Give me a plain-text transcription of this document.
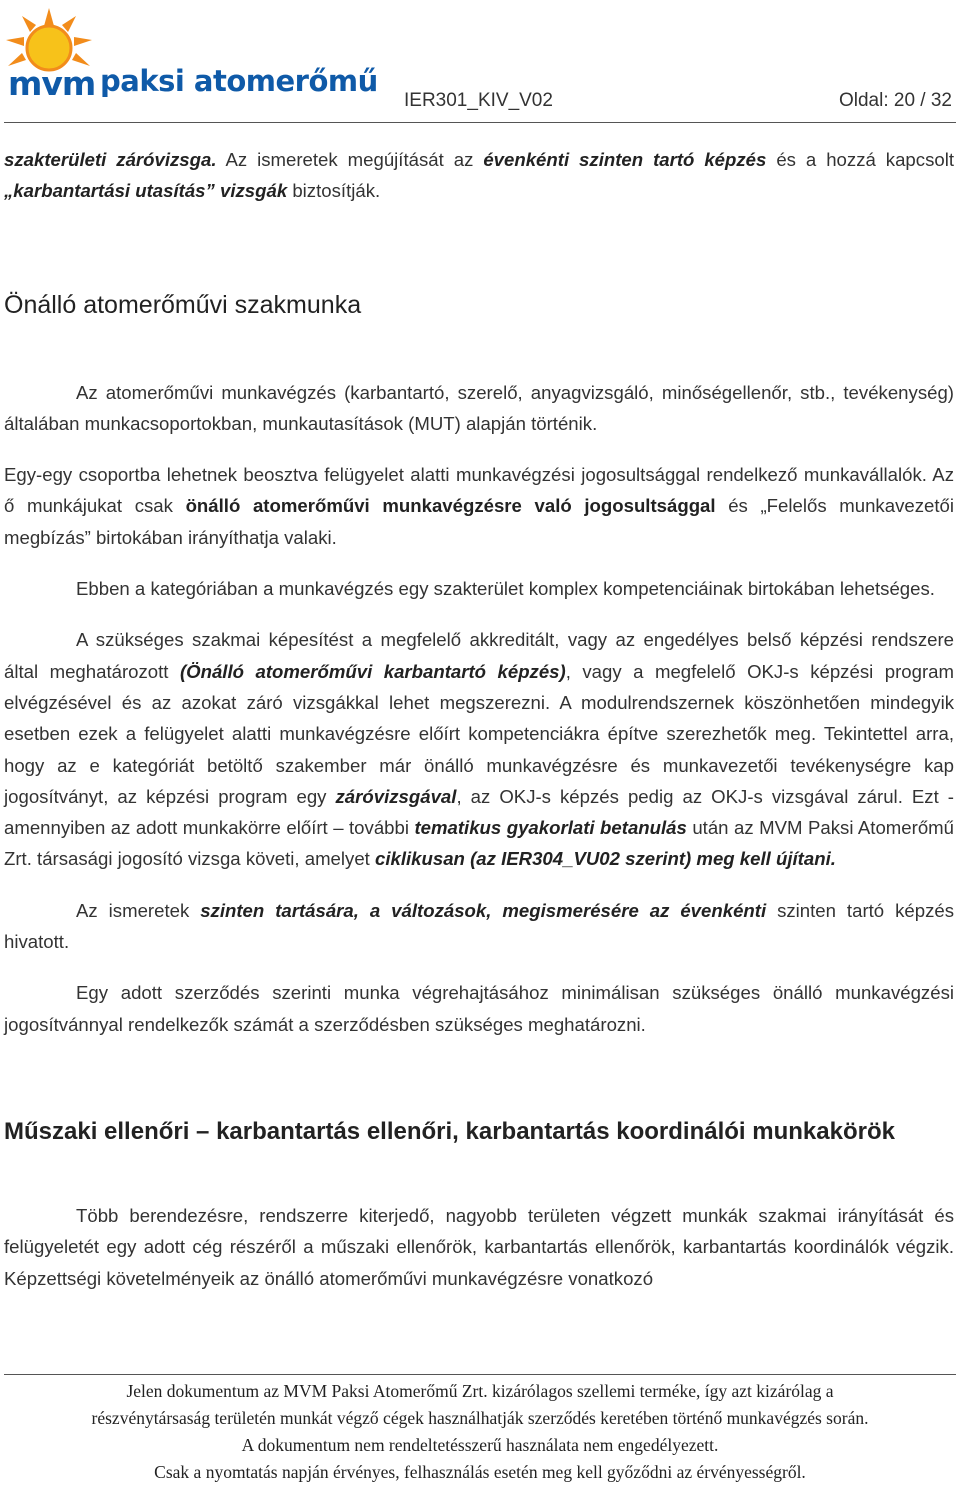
mvm paksi atomerőmű
IER301_KIV_V02	Oldal: 20 / 32

szakterületi záróvizsga. Az ismeretek megújítását az évenkénti szinten tartó képzés és a hozzá kapcsolt „karbantartási utasítás” vizsgák biztosítják.

Önálló atomerőművi szakmunka

Az atomerőművi munkavégzés (karbantartó, szerelő, anyagvizsgáló, minőségellenőr, stb., tevékenység) általában munkacsoportokban, munkautasítások (MUT) alapján történik.

Egy-egy csoportba lehetnek beosztva felügyelet alatti munkavégzési jogosultsággal rendelkező munkavállalók. Az ő munkájukat csak önálló atomerőművi munkavégzésre való jogosultsággal és „Felelős munkavezetői megbízás” birtokában irányíthatja valaki.

Ebben a kategóriában a munkavégzés egy szakterület komplex kompetenciáinak birtokában lehetséges.

A szükséges szakmai képesítést a megfelelő akkreditált, vagy az engedélyes belső képzési rendszere által meghatározott (Önálló atomerőművi karbantartó képzés), vagy a megfelelő OKJ-s képzési program elvégzésével és az azokat záró vizsgákkal lehet megszerezni. A modulrendszernek köszönhetően mindegyik esetben ezek a felügyelet alatti munkavégzésre előírt kompetenciákra építve szerezhetők meg. Tekintettel arra, hogy az e kategóriát betöltő szakember már önálló munkavégzésre és munkavezetői tevékenységre kap jogosítványt, az képzési program egy záróvizsgával, az OKJ-s képzés pedig az OKJ-s vizsgával zárul. Ezt - amennyiben az adott munkakörre előírt – további tematikus gyakorlati betanulás után az MVM Paksi Atomerőmű Zrt. társasági jogosító vizsga követi, amelyet ciklikusan (az IER304_VU02 szerint) meg kell újítani.

Az ismeretek szinten tartására, a változások, megismerésére az évenkénti szinten tartó képzés hivatott.

Egy adott szerződés szerinti munka végrehajtásához minimálisan szükséges önálló munkavégzési jogosítvánnyal rendelkezők számát a szerződésben szükséges meghatározni.

Műszaki ellenőri – karbantartás ellenőri, karbantartás koordinálói munkakörök

Több berendezésre, rendszerre kiterjedő, nagyobb területen végzett munkák szakmai irányítását és felügyeletét egy adott cég részéről a műszaki ellenőrök, karbantartás ellenőrök, karbantartás koordinálók végzik. Képzettségi követelményeik az önálló atomerőművi munkavégzésre vonatkozó

Jelen dokumentum az MVM Paksi Atomerőmű Zrt. kizárólagos szellemi terméke, így azt kizárólag a
részvénytársaság területén munkát végző cégek használhatják szerződés keretében történő munkavégzés során.
A dokumentum nem rendeltetésszerű használata nem engedélyezett.
Csak a nyomtatás napján érvényes, felhasználás esetén meg kell győződni az érvényességről.
